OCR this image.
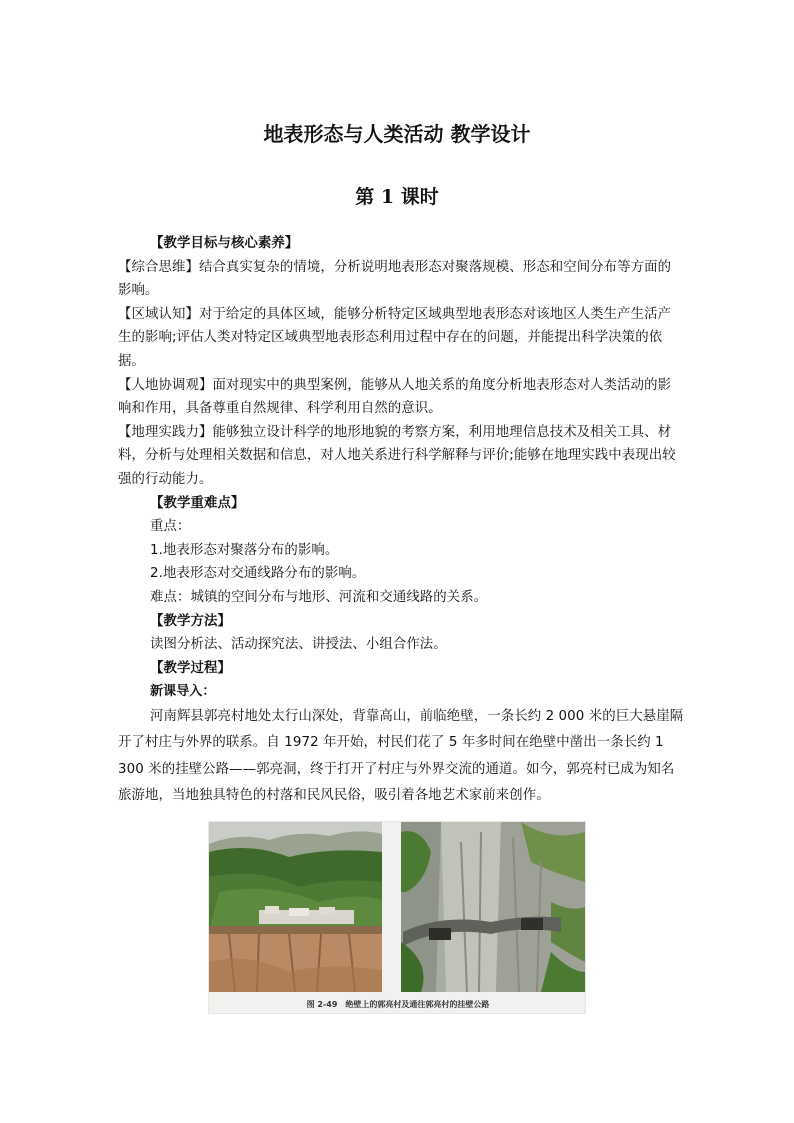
地表形态与人类活动 教学设计
第 1 课时

【教学目标与核心素养】

【综合思维】结合真实复杂的情境，分析说明地表形态对聚落规模、形态和空间分布等方面的影响。

【区域认知】对于给定的具体区域，能够分析特定区域典型地表形态对该地区人类生产生活产生的影响;评估人类对特定区域典型地表形态利用过程中存在的问题，并能提出科学决策的依据。

【人地协调观】面对现实中的典型案例，能够从人地关系的角度分析地表形态对人类活动的影响和作用，具备尊重自然规律、科学利用自然的意识。

【地理实践力】能够独立设计科学的地形地貌的考察方案，利用地理信息技术及相关工具、材料，分析与处理相关数据和信息，对人地关系进行科学解释与评价;能够在地理实践中表现出较强的行动能力。

【教学重难点】

重点：

1.地表形态对聚落分布的影响。

2.地表形态对交通线路分布的影响。

难点：城镇的空间分布与地形、河流和交通线路的关系。

【教学方法】

读图分析法、活动探究法、讲授法、小组合作法。

【教学过程】

新课导入：

河南辉县郭亮村地处太行山深处，背靠高山，前临绝壁，一条长约 2 000 米的巨大悬崖隔开了村庄与外界的联系。自 1972 年开始，村民们花了 5 年多时间在绝壁中凿出一条长约 1 300 米的挂壁公路——郭亮洞，终于打开了村庄与外界交流的通道。如今，郭亮村已成为知名旅游地，当地独具特色的村落和民风民俗，吸引着各地艺术家前来创作。

图 2-49　绝壁上的郭亮村及通往郭亮村的挂壁公路
